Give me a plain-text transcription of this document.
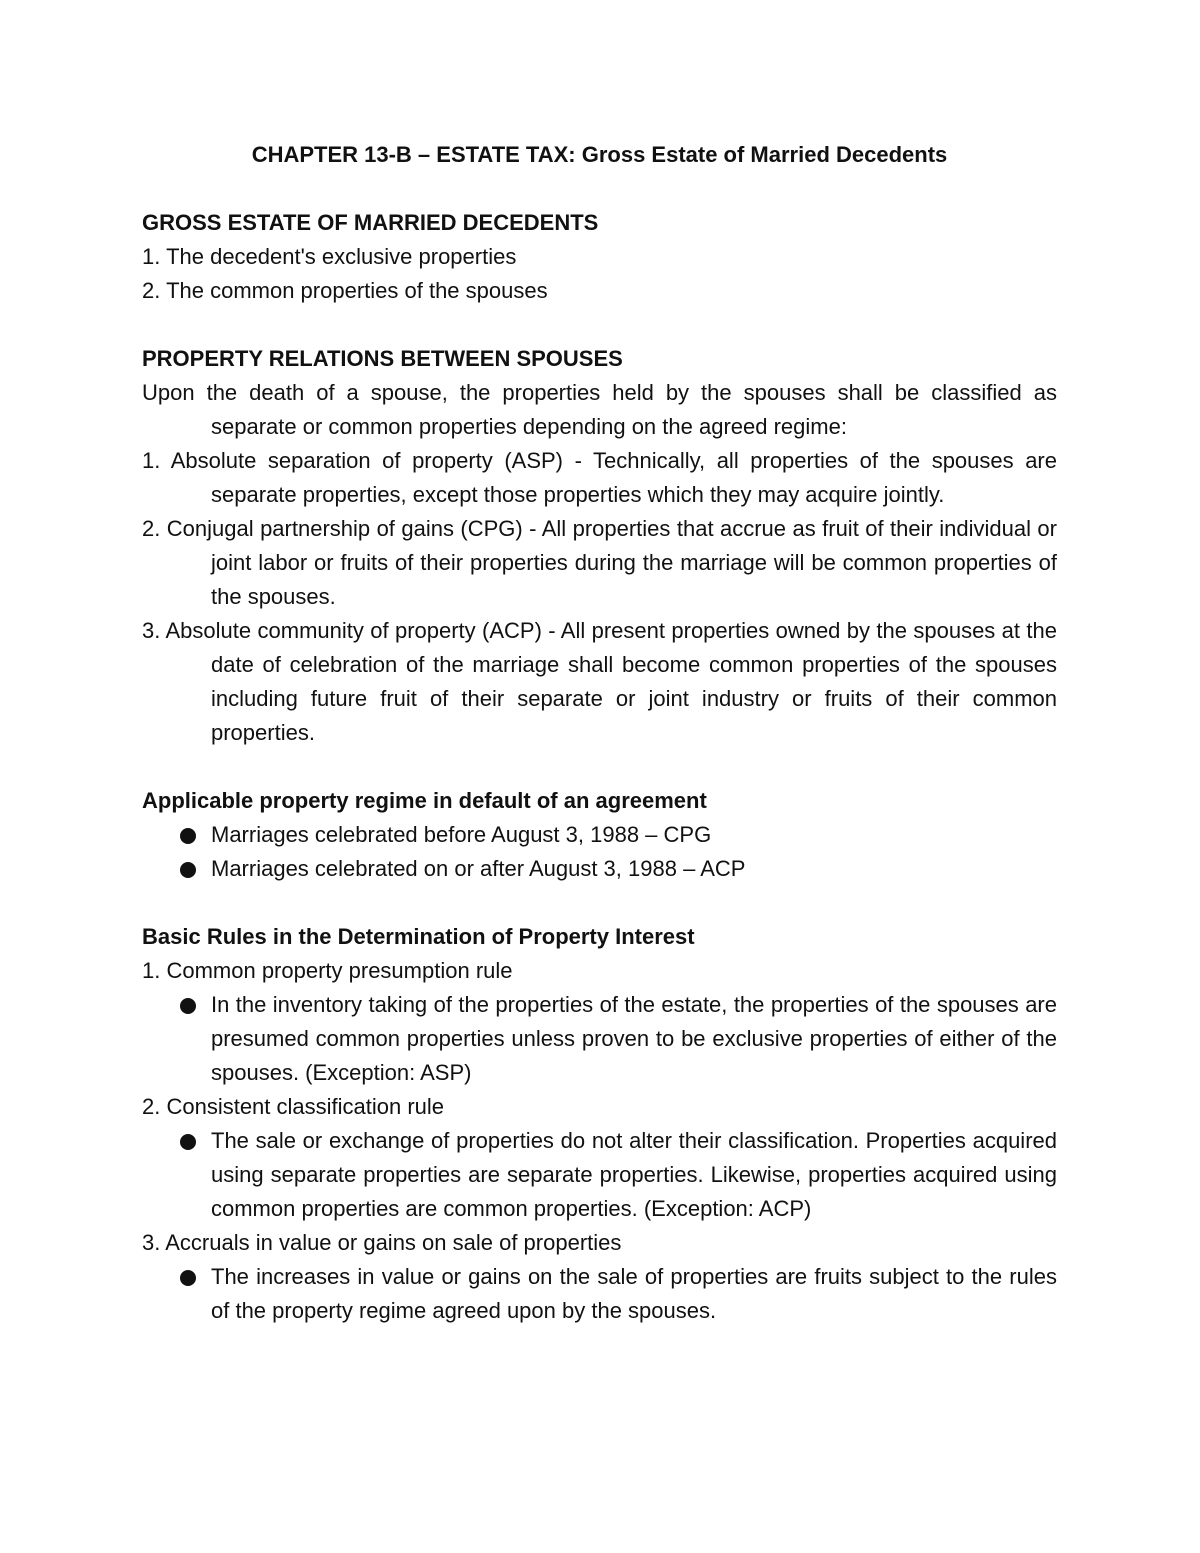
CHAPTER 13-B – ESTATE TAX: Gross Estate of Married Decedents

GROSS ESTATE OF MARRIED DECEDENTS

1. The decedent's exclusive properties

2. The common properties of the spouses

PROPERTY RELATIONS BETWEEN SPOUSES

Upon the death of a spouse, the properties held by the spouses shall be classified as separate or common properties depending on the agreed regime:

1. Absolute separation of property (ASP) - Technically, all properties of the spouses are separate properties, except those properties which they may acquire jointly.

2. Conjugal partnership of gains (CPG) - All properties that accrue as fruit of their individual or joint labor or fruits of their properties during the marriage will be common properties of the spouses.

3. Absolute community of property (ACP) - All present properties owned by the spouses at the date of celebration of the marriage shall become common properties of the spouses including future fruit of their separate or joint industry or fruits of their common properties.

Applicable property regime in default of an agreement

Marriages celebrated before August 3, 1988 – CPG
Marriages celebrated on or after August 3, 1988 – ACP

Basic Rules in the Determination of Property Interest

1. Common property presumption rule

In the inventory taking of the properties of the estate, the properties of the spouses are presumed common properties unless proven to be exclusive properties of either of the spouses. (Exception: ASP)

2. Consistent classification rule

The sale or exchange of properties do not alter their classification. Properties acquired using separate properties are separate properties. Likewise, properties acquired using common properties are common properties. (Exception: ACP)

3. Accruals in value or gains on sale of properties

The increases in value or gains on the sale of properties are fruits subject to the rules of the property regime agreed upon by the spouses.
